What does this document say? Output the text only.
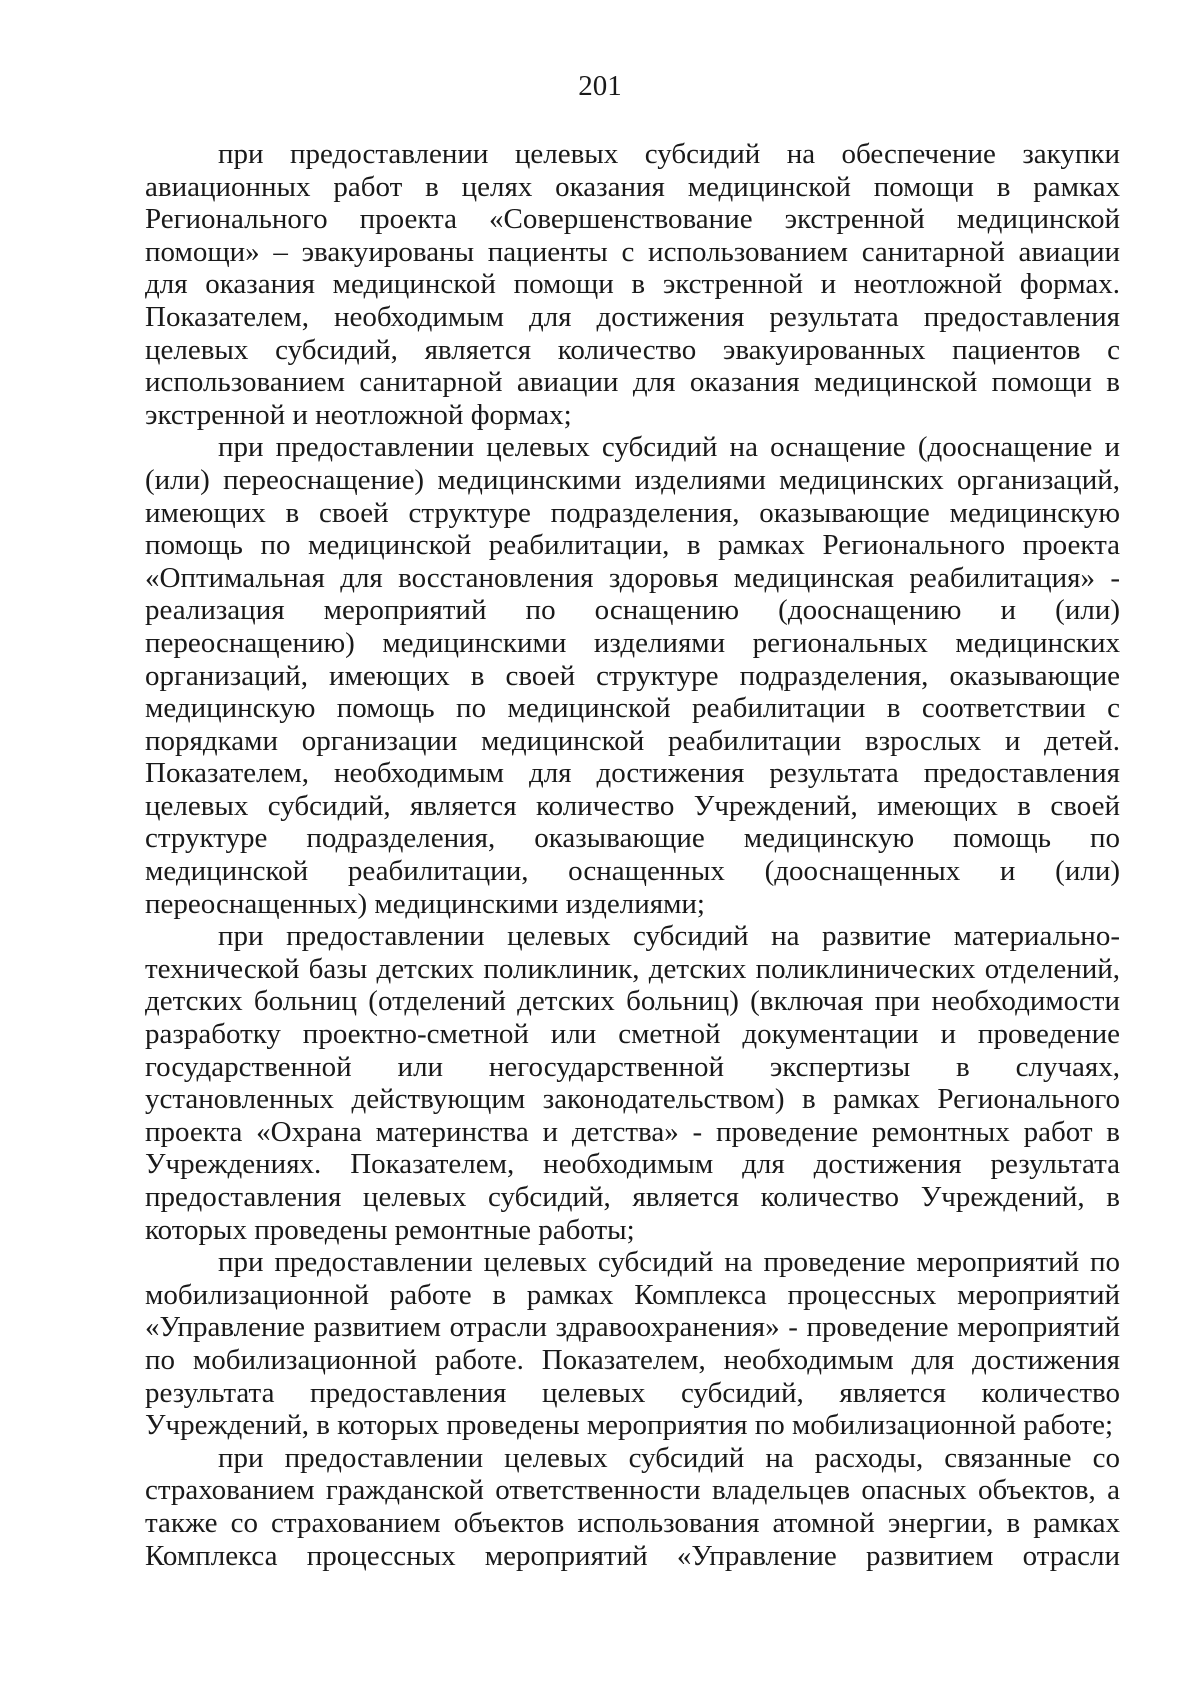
201

при предоставлении целевых субсидий на обеспечение закупки авиационных работ в целях оказания медицинской помощи в рамках Регионального проекта «Совершенствование экстренной медицинской помощи» – эвакуированы пациенты с использованием санитарной авиации для оказания медицинской помощи в экстренной и неотложной формах. Показателем, необходимым для достижения результата предоставления целевых субсидий, является количество эвакуированных пациентов с использованием санитарной авиации для оказания медицинской помощи в экстренной и неотложной формах;

при предоставлении целевых субсидий на оснащение (дооснащение и (или) переоснащение) медицинскими изделиями медицинских организаций, имеющих в своей структуре подразделения, оказывающие медицинскую помощь по медицинской реабилитации, в рамках Регионального проекта «Оптимальная для восстановления здоровья медицинская реабилитация» - реализация мероприятий по оснащению (дооснащению и (или) переоснащению) медицинскими изделиями региональных медицинских организаций, имеющих в своей структуре подразделения, оказывающие медицинскую помощь по медицинской реабилитации в соответствии с порядками организации медицинской реабилитации взрослых и детей. Показателем, необходимым для достижения результата предоставления целевых субсидий, является количество Учреждений, имеющих в своей структуре подразделения, оказывающие медицинскую помощь по медицинской реабилитации, оснащенных (дооснащенных и (или) переоснащенных) медицинскими изделиями;

при предоставлении целевых субсидий на развитие материально-технической базы детских поликлиник, детских поликлинических отделений, детских больниц (отделений детских больниц) (включая при необходимости разработку проектно-сметной или сметной документации и проведение государственной или негосударственной экспертизы в случаях, установленных действующим законодательством) в рамках Регионального проекта «Охрана материнства и детства» - проведение ремонтных работ в Учреждениях. Показателем, необходимым для достижения результата предоставления целевых субсидий, является количество Учреждений, в которых проведены ремонтные работы;

при предоставлении целевых субсидий на проведение мероприятий по мобилизационной работе в рамках Комплекса процессных мероприятий «Управление развитием отрасли здравоохранения» - проведение мероприятий по мобилизационной работе. Показателем, необходимым для достижения результата предоставления целевых субсидий, является количество Учреждений, в которых проведены мероприятия по мобилизационной работе;

при предоставлении целевых субсидий на расходы, связанные со страхованием гражданской ответственности владельцев опасных объектов, а также со страхованием объектов использования атомной энергии, в рамках Комплекса процессных мероприятий «Управление развитием отрасли
